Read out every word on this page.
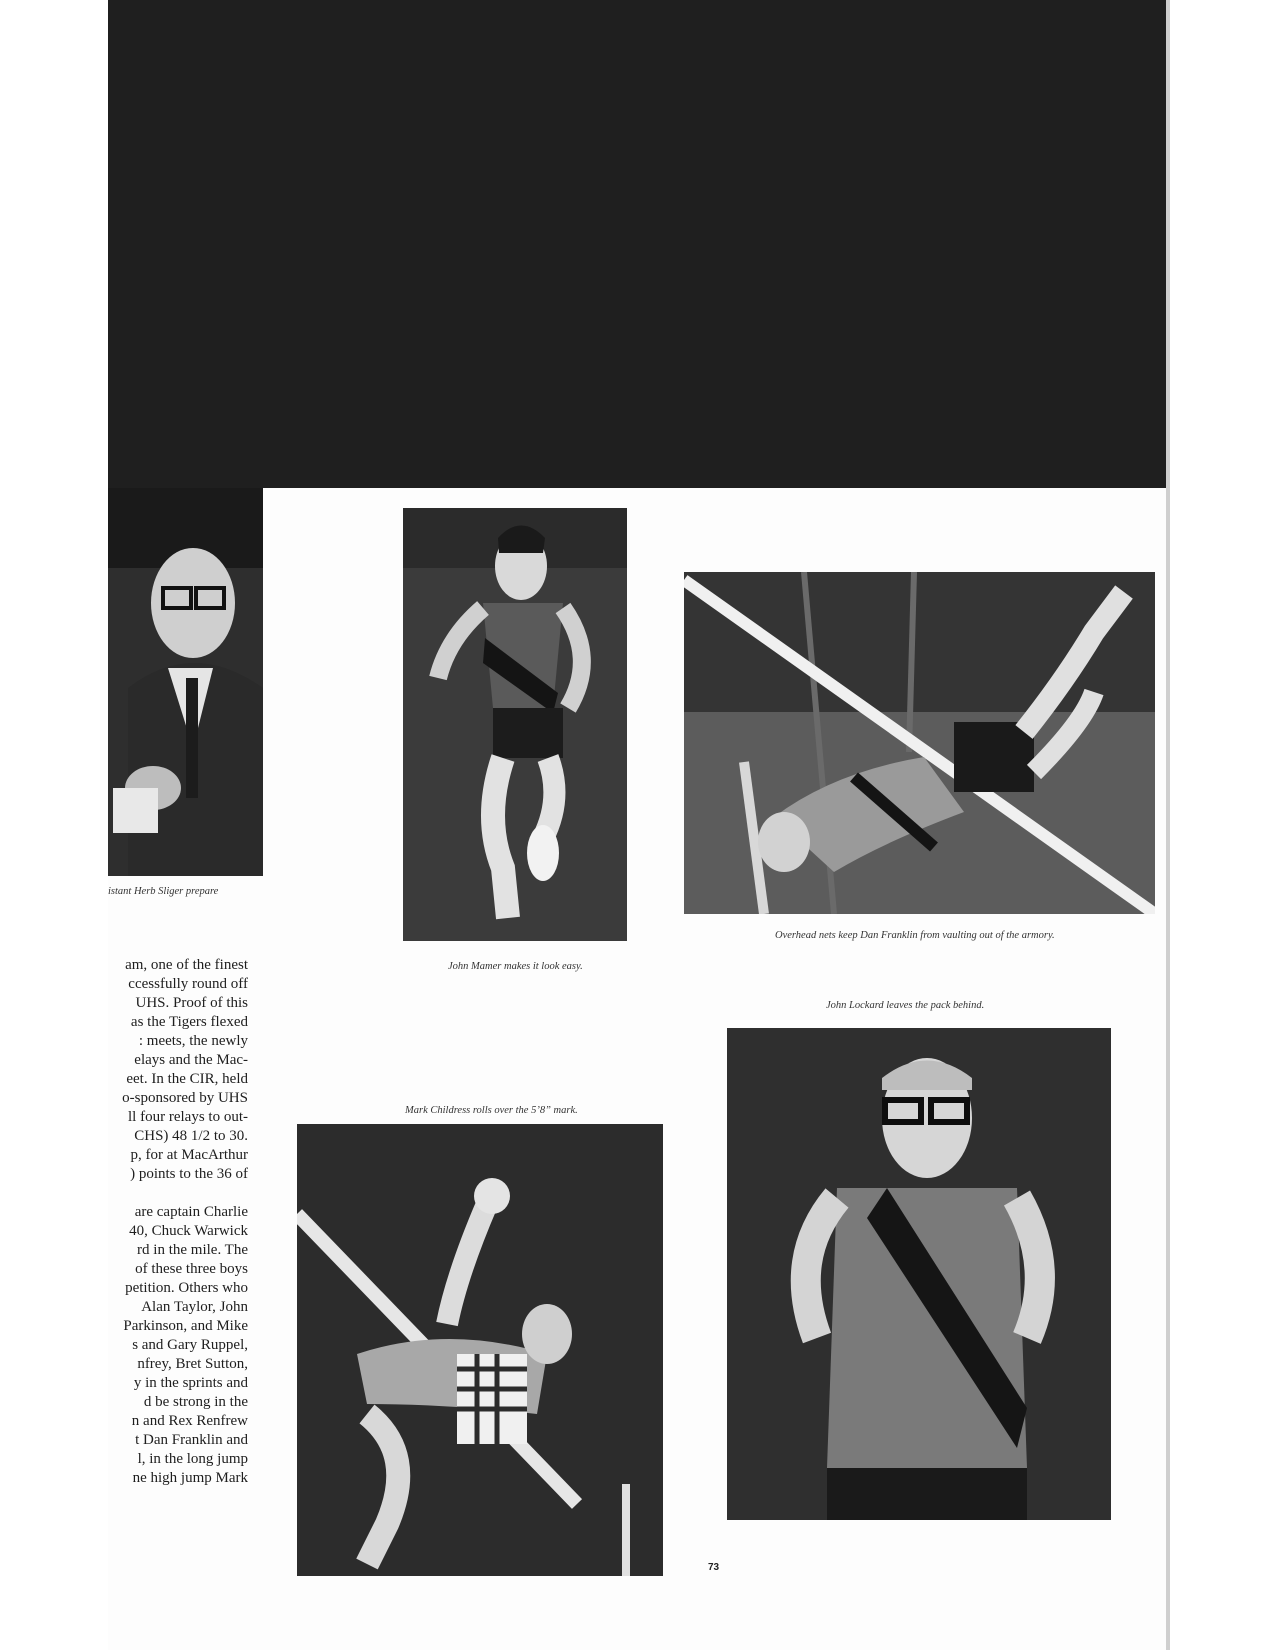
istant Herb Sliger prepare
John Mamer makes it look easy.
Overhead nets keep Dan Franklin from vaulting out of the armory.
John Lockard leaves the pack behind.
Mark Childress rolls over the 5’8” mark.
am, one of the finest
ccessfully round off
UHS. Proof of this
as the Tigers flexed
: meets, the newly
elays and the Mac-
eet. In the CIR, held
o-sponsored by UHS
ll four relays to out-
CHS) 48 1/2 to 30.
p, for at MacArthur
) points to the 36 of
are captain Charlie
40, Chuck Warwick
rd in the mile. The
of these three boys
petition. Others who
Alan Taylor, John
Parkinson, and Mike
s and Gary Ruppel,
nfrey, Bret Sutton,
y in the sprints and
d be strong in the
n and Rex Renfrew
t Dan Franklin and
l, in the long jump
ne high jump Mark
73
